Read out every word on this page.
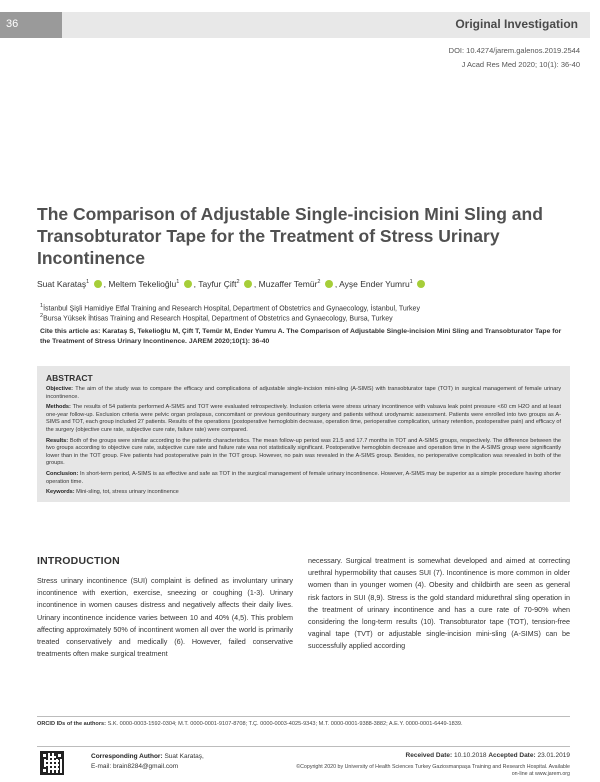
36	Original Investigation
DOI: 10.4274/jarem.galenos.2019.2544
J Acad Res Med 2020; 10(1): 36-40
The Comparison of Adjustable Single-incision Mini Sling and Transobturator Tape for the Treatment of Stress Urinary Incontinence
Suat Karataş$^1$ , Meltem Tekelioğlu$^1$ , Tayfur Çift$^2$ , Muzaffer Temür$^2$ , Ayşe Ender Yumru$^1$
$^1$İstanbul Şişli Hamidiye Etfal Training and Research Hospital, Department of Obstetrics and Gynaecology, İstanbul, Turkey
$^2$Bursa Yüksek İhtisas Training and Research Hospital, Department of Obstetrics and Gynaecology, Bursa, Turkey
Cite this article as: Karataş S, Tekelioğlu M, Çift T, Temür M, Ender Yumru A. The Comparison of Adjustable Single-incision Mini Sling and Transobturator Tape for the Treatment of Stress Urinary Incontinence. JAREM 2020;10(1): 36-40
ABSTRACT

Objective: The aim of the study was to compare the efficacy and complications of adjustable single-incision mini-sling (A-SIMS) with transobturator tape (TOT) in surgical management of female urinary incontinence.

Methods: The results of 54 patients performed A-SIMS and TOT were evaluated retrospectively. Inclusion criteria were stress urinary incontinence with valsava leak point pressure <60 cm H2O and at least one-year follow-up. Exclusion criteria were pelvic organ prolapsus, concomitant or previous genitourinary surgery and patients without urodynamic assessment. Patients were enrolled into two groups as A-SIMS and TOT, each group included 27 patients. Results of the operations (postoperative hemoglobin decrease, operation time, perioperative complication, urinary retention, postoperative pain) and efficacy of the surgery (objective cure rate, subjective cure rate, failure rate) were compared.

Results: Both of the groups were similar according to the patients characteristics. The mean follow-up period was 21.5 and 17.7 months in TOT and A-SIMS groups, respectively. The difference between the two groups according to objective cure rate, subjective cure rate and failure rate was not statistically significant. Postoperative hemoglobin decrease and operation time in the A-SIMS group were significantly lower than in the TOT group. Five patients had postoperative pain in the TOT group. However, no pain was revealed in the A-SIMS group. Besides, no perioperative complication was revealed in both of the groups.

Conclusion: In short-term period, A-SIMS is as effective and safe as TOT in the surgical management of female urinary incontinence. However, A-SIMS may be superior as a simple procedure having shorter operation time.

Keywords: Mini-sling, tot, stress urinary incontinence

INTRODUCTION

Stress urinary incontinence (SUI) complaint is defined as involuntary urinary incontinence with exertion, exercise, sneezing or coughing (1-3). Urinary incontinence in women causes distress and negatively affects their daily lives. Urinary incontinence incidence varies between 10 and 40% (4,5). This problem affecting approximately 50% of incontinent women all over the world is primarily treated conservatively and medically (6). However, failed conservative treatments often make surgical treatment

necessary. Surgical treatment is somewhat developed and aimed at correcting urethral hypermobility that causes SUI (7). Incontinence is more common in older women than in younger women (4). Obesity and childbirth are seen as general risk factors in SUI (8,9). Stress is the gold standard midurethral sling operation in the treatment of urinary incontinence and has a cure rate of 70-90% when considering the long-term results (10). Transobturator tape (TOT), tension-free vaginal tape (TVT) or adjustable single-incision mini-sling (A-SIMS) can be successfully applied according

ORCID IDs of the authors: S.K. 0000-0003-1592-0304; M.T. 0000-0001-9107-8708; T.Ç. 0000-0003-4025-9343; M.T. 0000-0001-9388-3882; A.E.Y. 0000-0001-6449-1839.
Corresponding Author: Suat Karataş,
E-mail: brain8284@gmail.com
Received Date: 10.10.2018 Accepted Date: 23.01.2019
©Copyright 2020 by University of Health Sciences Turkey Gaziosmanpaşa Training and Research Hospital. Available on-line at www.jarem.org
